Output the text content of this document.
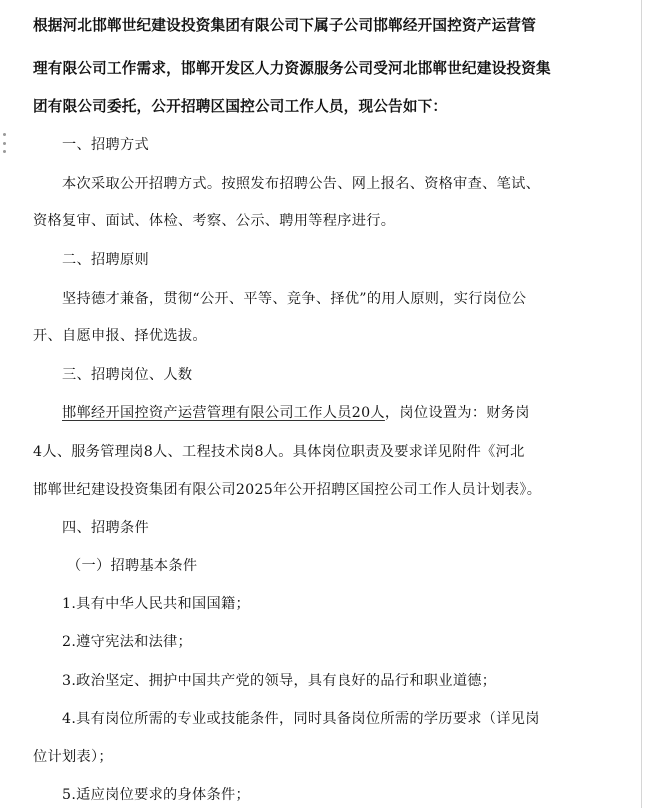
根据河北邯郸世纪建设投资集团有限公司下属子公司邯郸经开国控资产运营管
理有限公司工作需求，邯郸开发区人力资源服务公司受河北邯郸世纪建设投资集
团有限公司委托，公开招聘区国控公司工作人员，现公告如下：
一、招聘方式
本次采取公开招聘方式。按照发布招聘公告、网上报名、资格审查、笔试、
资格复审、面试、体检、考察、公示、聘用等程序进行。
二、招聘原则
坚持德才兼备，贯彻“公开、平等、竞争、择优”的用人原则，实行岗位公
开、自愿申报、择优选拔。
三、招聘岗位、人数
邯郸经开国控资产运营管理有限公司工作人员20人，岗位设置为：财务岗
4人、服务管理岗8人、工程技术岗8人。具体岗位职责及要求详见附件《河北
邯郸世纪建设投资集团有限公司2025年公开招聘区国控公司工作人员计划表》。
四、招聘条件
（一）招聘基本条件
1.具有中华人民共和国国籍；
2.遵守宪法和法律；
3.政治坚定、拥护中国共产党的领导，具有良好的品行和职业道德；
4.具有岗位所需的专业或技能条件，同时具备岗位所需的学历要求（详见岗
位计划表）；
5.适应岗位要求的身体条件；
